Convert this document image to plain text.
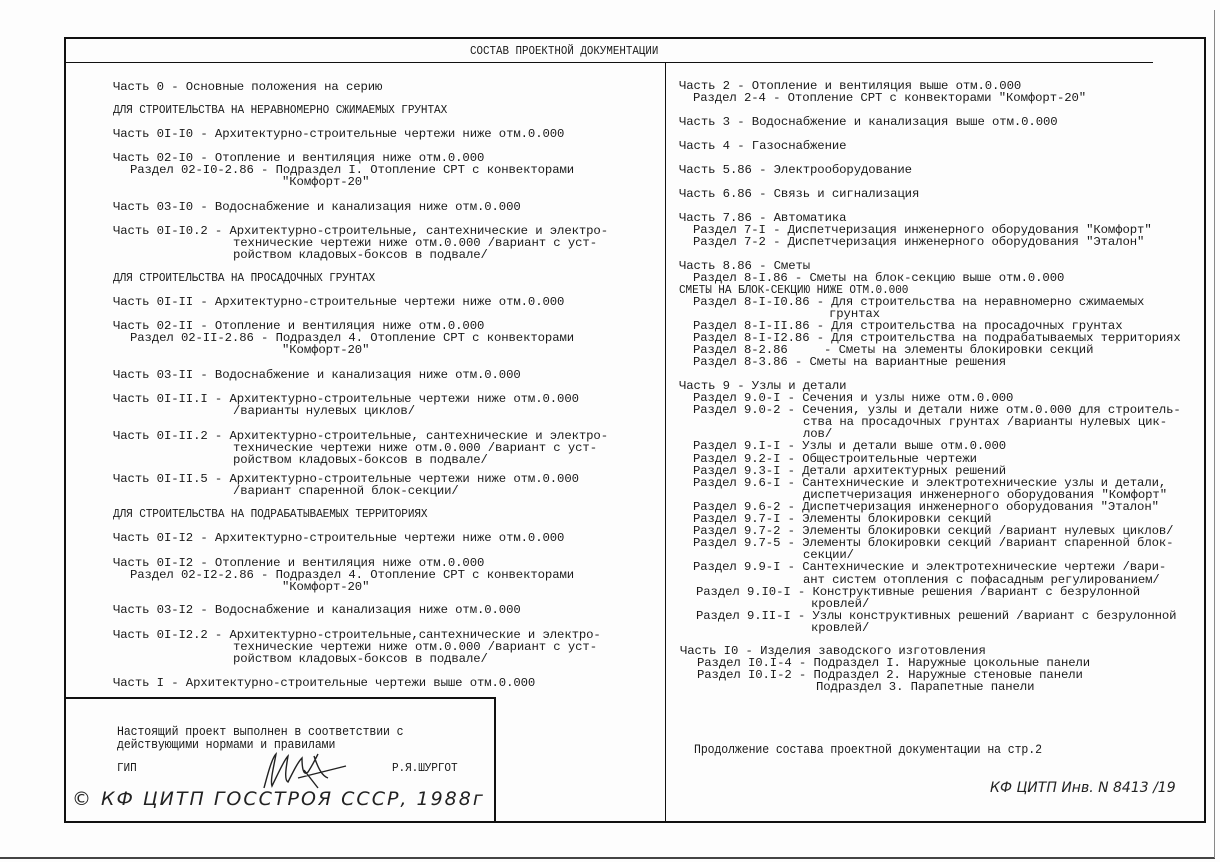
СОСТАВ ПРОЕКТНОЙ ДОКУМЕНТАЦИИ
Часть 0 - Основные положения на серию
ДЛЯ СТРОИТЕЛЬСТВА НА НЕРАВНОМЕРНО СЖИМАЕМЫХ ГРУНТАХ
Часть 0I-I0 - Архитектурно-строительные чертежи ниже отм.0.000
Часть 02-I0 - Отопление и вентиляция ниже отм.0.000
Раздел 02-I0-2.86 - Подраздел I. Отопление СРТ с конвекторами
"Комфорт-20"
Часть 03-I0 - Водоснабжение и канализация ниже отм.0.000
Часть 0I-I0.2 - Архитектурно-строительные, сантехнические и электро-
технические чертежи ниже отм.0.000 /вариант с уст-
ройством кладовых-боксов в подвале/
ДЛЯ СТРОИТЕЛЬСТВА НА ПРОСАДОЧНЫХ ГРУНТАХ
Часть 0I-II - Архитектурно-строительные чертежи ниже отм.0.000
Часть 02-II - Отопление и вентиляция ниже отм.0.000
Раздел 02-II-2.86 - Подраздел 4. Отопление СРТ с конвекторами
"Комфорт-20"
Часть 03-II - Водоснабжение и канализация ниже отм.0.000
Часть 0I-II.I - Архитектурно-строительные чертежи ниже отм.0.000
/варианты нулевых циклов/
Часть 0I-II.2 - Архитектурно-строительные, сантехнические и электро-
технические чертежи ниже отм.0.000 /вариант с уст-
ройством кладовых-боксов в подвале/
Часть 0I-II.5 - Архитектурно-строительные чертежи ниже отм.0.000
/вариант спаренной блок-секции/
ДЛЯ СТРОИТЕЛЬСТВА НА ПОДРАБАТЫВАЕМЫХ ТЕРРИТОРИЯХ
Часть 0I-I2 - Архитектурно-строительные чертежи ниже отм.0.000
Часть 0I-I2 - Отопление и вентиляция ниже отм.0.000
Раздел 02-I2-2.86 - Подраздел 4. Отопление СРТ с конвекторами
"Комфорт-20"
Часть 03-I2 - Водоснабжение и канализация ниже отм.0.000
Часть 0I-I2.2 - Архитектурно-строительные,сантехнические и электро-
технические чертежи ниже отм.0.000 /вариант с уст-
ройством кладовых-боксов в подвале/
Часть I - Архитектурно-строительные чертежи выше отм.0.000
Часть 2 - Отопление и вентиляция выше отм.0.000
Раздел 2-4 - Отопление СРТ с конвекторами "Комфорт-20"
Часть 3 - Водоснабжение и канализация выше отм.0.000
Часть 4 - Газоснабжение
Часть 5.86 - Электрооборудование
Часть 6.86 - Связь и сигнализация
Часть 7.86 - Автоматика
Раздел 7-I - Диспетчеризация инженерного оборудования "Комфорт"
Раздел 7-2 - Диспетчеризация инженерного оборудования "Эталон"
Часть 8.86 - Сметы
Раздел 8-I.86 - Сметы на блок-секцию выше отм.0.000
СМЕТЫ НА БЛОК-СЕКЦИЮ НИЖЕ ОТМ.0.000
Раздел 8-I-I0.86 - Для строительства на неравномерно сжимаемых
грунтах
Раздел 8-I-II.86 - Для строительства на просадочных грунтах
Раздел 8-I-I2.86 - Для строительства на подрабатываемых территориях
Раздел 8-2.86     - Сметы на элементы блокировки секций
Раздел 8-3.86 - Сметы на вариантные решения
Часть 9 - Узлы и детали
Раздел 9.0-I - Сечения и узлы ниже отм.0.000
Раздел 9.0-2 - Сечения, узлы и детали ниже отм.0.000 для строитель-
ства на просадочных грунтах /варианты нулевых цик-
лов/
Раздел 9.I-I - Узлы и детали выше отм.0.000
Раздел 9.2-I - Общестроительные чертежи
Раздел 9.3-I - Детали архитектурных решений
Раздел 9.6-I - Сантехнические и электротехнические узлы и детали,
диспетчеризация инженерного оборудования "Комфорт"
Раздел 9.6-2 - Диспетчеризация инженерного оборудования "Эталон"
Раздел 9.7-I - Элементы блокировки секций
Раздел 9.7-2 - Элементы блокировки секций /вариант нулевых циклов/
Раздел 9.7-5 - Элементы блокировки секций /вариант спаренной блок-
секции/
Раздел 9.9-I - Сантехнические и электротехнические чертежи /вари-
ант систем отопления с пофасадным регулированием/
Раздел 9.I0-I - Конструктивные решения /вариант с безрулонной
кровлей/
Раздел 9.II-I - Узлы конструктивных решений /вариант с безрулонной
кровлей/
Часть I0 - Изделия заводского изготовления
Раздел I0.I-4 - Подраздел I. Наружные цокольные панели
Раздел I0.I-2 - Подраздел 2. Наружные стеновые панели
Подраздел 3. Парапетные панели
Настоящий проект выполнен в соответствии с
действующими нормами и правилами
ГИП	Р.Я.ШУРГОТ
© КФ ЦИТП ГОССТРОЯ СССР, 1988г
Продолжение состава проектной документации на стр.2
КФ ЦИТП Инв. N 8413 /19
